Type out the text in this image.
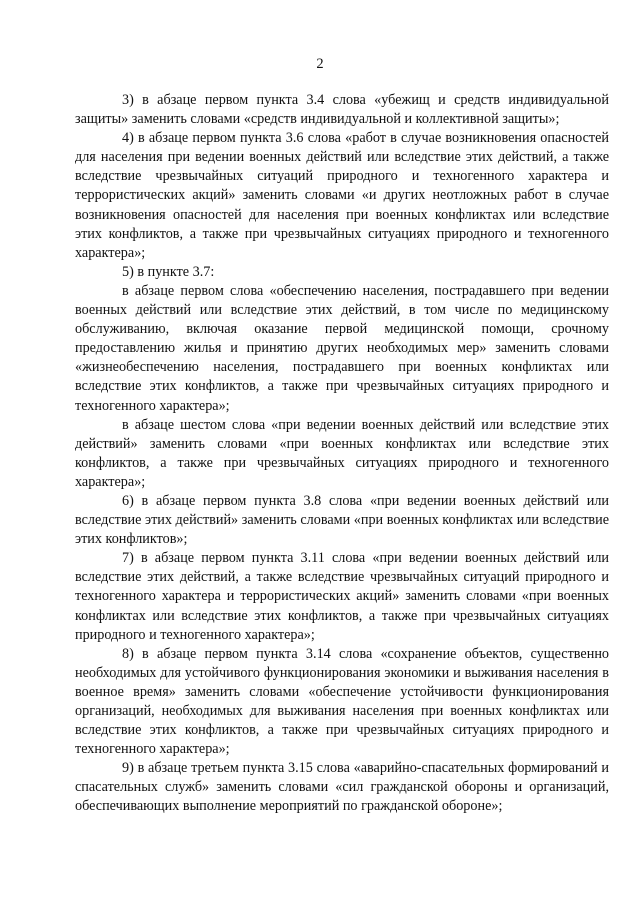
2

3) в абзаце первом пункта 3.4 слова «убежищ и средств индивидуальной защиты» заменить словами «средств индивидуальной и коллективной защиты»;

4) в абзаце первом пункта 3.6 слова «работ в случае возникновения опасностей для населения при ведении военных действий или вследствие этих действий, а также вследствие чрезвычайных ситуаций природного и техногенного характера и террористических акций» заменить словами «и других неотложных работ в случае возникновения опасностей для населения при военных конфликтах или вследствие этих конфликтов, а также при чрезвычайных ситуациях природного и техногенного характера»;

5) в пункте 3.7:

в абзаце первом слова «обеспечению населения, пострадавшего при ведении военных действий или вследствие этих действий, в том числе по медицинскому обслуживанию, включая оказание первой медицинской помощи, срочному предоставлению жилья и принятию других необходимых мер» заменить словами «жизнеобеспечению населения, пострадавшего при военных конфликтах или вследствие этих конфликтов, а также при чрезвычайных ситуациях природного и техногенного характера»;

в абзаце шестом слова «при ведении военных действий или вследствие этих действий» заменить словами «при военных конфликтах или вследствие этих конфликтов, а также при чрезвычайных ситуациях природного и техногенного характера»;

6) в абзаце первом пункта 3.8 слова «при ведении военных действий или вследствие этих действий» заменить словами «при военных конфликтах или вследствие этих конфликтов»;

7) в абзаце первом пункта 3.11 слова «при ведении военных действий или вследствие этих действий, а также вследствие чрезвычайных ситуаций природного и техногенного характера и террористических акций» заменить словами «при военных конфликтах или вследствие этих конфликтов, а также при чрезвычайных ситуациях природного и техногенного характера»;

8) в абзаце первом пункта 3.14 слова «сохранение объектов, существенно необходимых для устойчивого функционирования экономики и выживания населения в военное время» заменить словами «обеспечение устойчивости функционирования организаций, необходимых для выживания населения при военных конфликтах или вследствие этих конфликтов, а также при чрезвычайных ситуациях природного и техногенного характера»;

9) в абзаце третьем пункта 3.15 слова «аварийно-спасательных формирований и спасательных служб» заменить словами «сил гражданской обороны и организаций, обеспечивающих выполнение мероприятий по гражданской обороне»;
